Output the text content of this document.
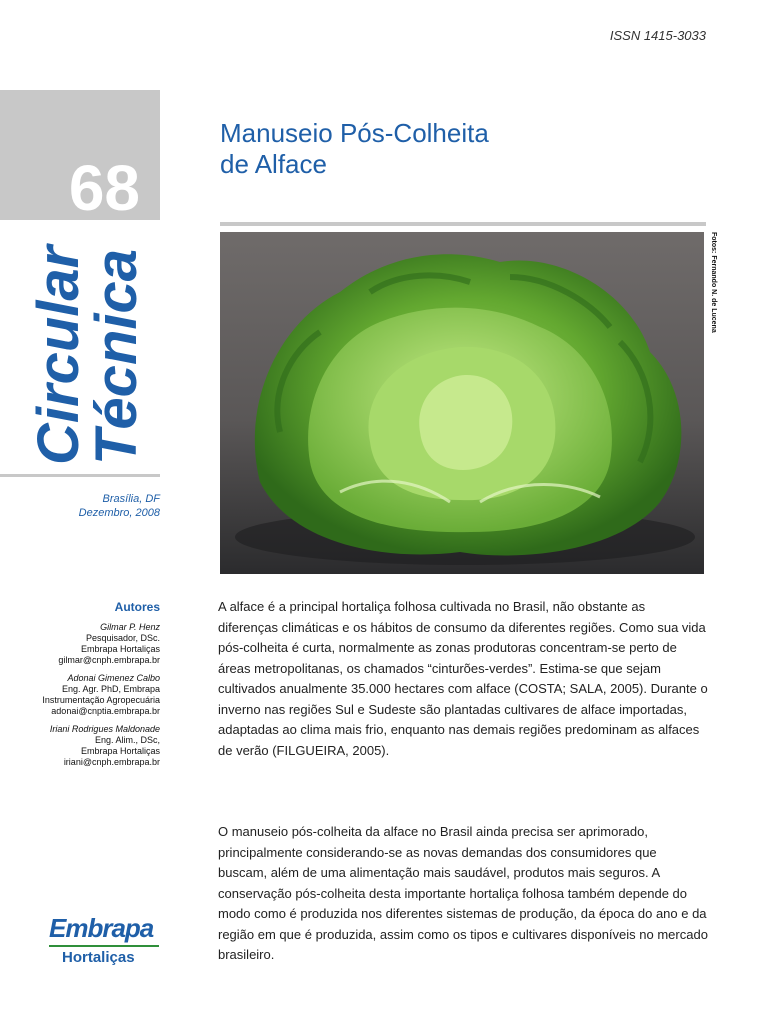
ISSN 1415-3033
68
Circular
Técnica
Brasília, DF
Dezembro, 2008
Manuseio Pós-Colheita
de Alface
Fotos: Fernando N. de Lucena
Autores
Gilmar P. Henz
Pesquisador, DSc.
Embrapa Hortaliças
gilmar@cnph.embrapa.br
Adonai Gimenez Calbo
Eng. Agr. PhD, Embrapa
Instrumentação Agropecuária
adonai@cnptia.embrapa.br
Iriani Rodrigues Maldonade
Eng. Alim., DSc,
Embrapa Hortaliças
iriani@cnph.embrapa.br
A alface é a principal hortaliça folhosa cultivada no Brasil, não obstante as diferenças climáticas e os hábitos de consumo da diferentes regiões. Como sua vida pós-colheita é curta, normalmente as zonas produtoras concentram-se perto de áreas metropolitanas, os chamados “cinturões-verdes”. Estima-se que sejam cultivados anualmente 35.000 hectares com alface (COSTA; SALA, 2005). Durante o inverno nas regiões Sul e Sudeste são plantadas cultivares de alface importadas, adaptadas ao clima mais frio, enquanto nas demais regiões predominam as alfaces de verão (FILGUEIRA, 2005).
O manuseio pós-colheita da alface no Brasil ainda precisa ser aprimorado, principalmente considerando-se as novas demandas dos consumidores que buscam, além de uma alimentação mais saudável, produtos mais seguros. A conservação pós-colheita desta importante hortaliça folhosa também depende do modo como é produzida nos diferentes sistemas de produção, da época do ano e da região em que é produzida, assim como os tipos e cultivares disponíveis no mercado brasileiro.
Embrapa
Hortaliças
